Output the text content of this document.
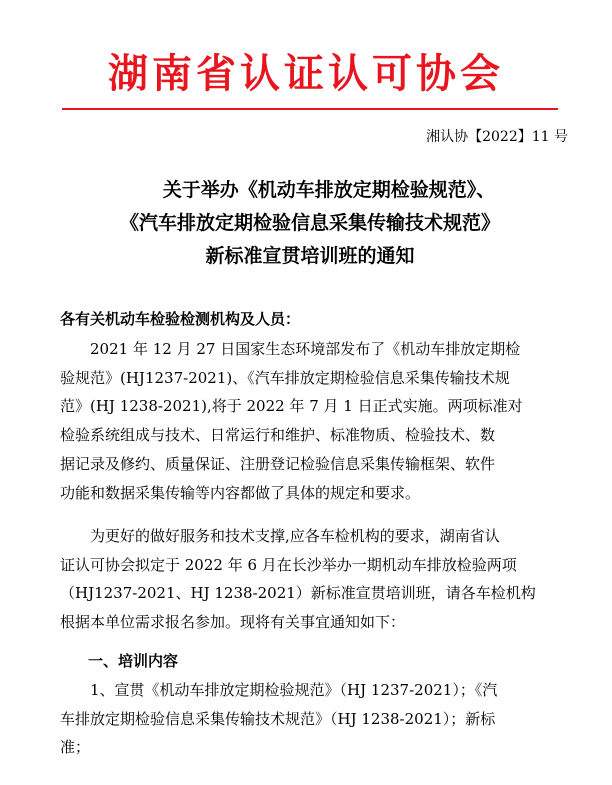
湖南省认证认可协会
湘认协【2022】11 号
关于举办《机动车排放定期检验规范》、
《汽车排放定期检验信息采集传输技术规范》
新标准宣贯培训班的通知
各有关机动车检验检测机构及人员：
2021 年 12 月 27 日国家生态环境部发布了《机动车排放定期检
验规范》(HJ1237-2021)、《汽车排放定期检验信息采集传输技术规
范》(HJ 1238-2021),将于 2022 年 7 月 1 日正式实施。两项标准对
检验系统组成与技术、日常运行和维护、标准物质、检验技术、数
据记录及修约、质量保证、注册登记检验信息采集传输框架、软件
功能和数据采集传输等内容都做了具体的规定和要求。
为更好的做好服务和技术支撑,应各车检机构的要求，湖南省认
证认可协会拟定于 2022 年 6 月在长沙举办一期机动车排放检验两项
（HJ1237-2021、HJ 1238-2021）新标准宣贯培训班，请各车检机构
根据本单位需求报名参加。现将有关事宜通知如下：
一、培训内容
1、宣贯《机动车排放定期检验规范》（HJ 1237-2021）；《汽
车排放定期检验信息采集传输技术规范》（HJ 1238-2021）；新标
准；
